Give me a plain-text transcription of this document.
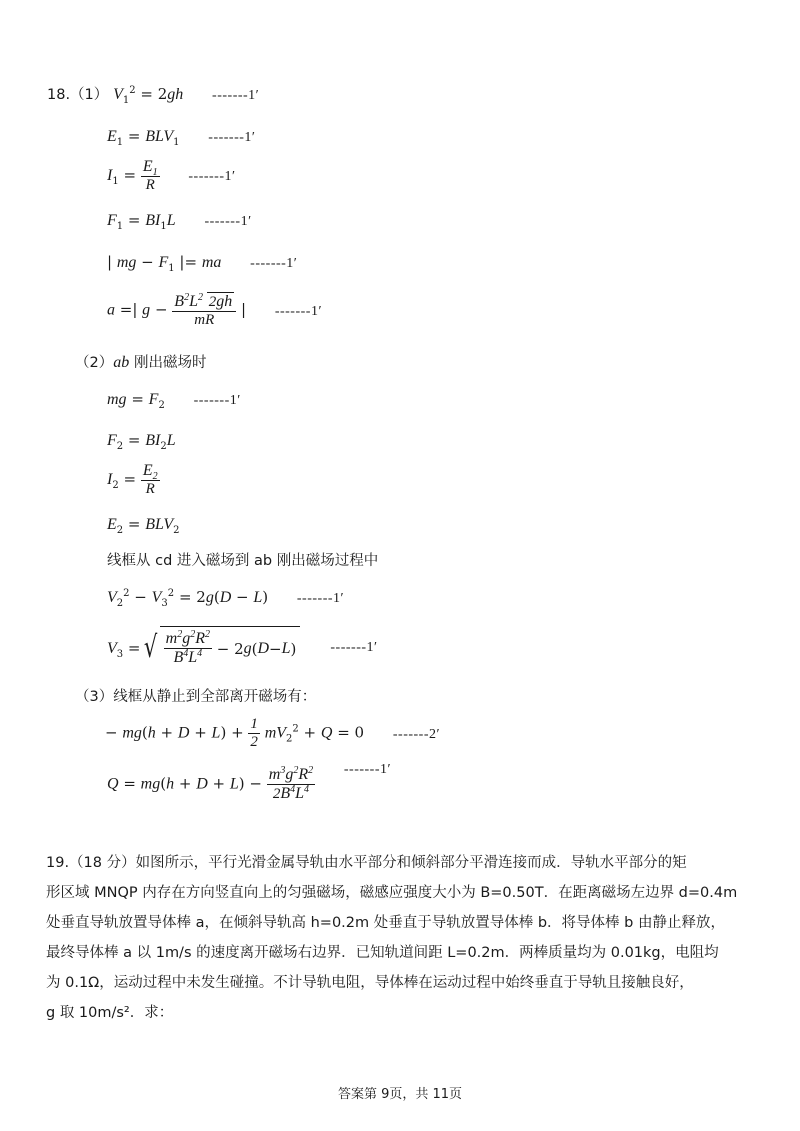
18.（1） $V_1^2 = 2gh$ -------1′
$E_1 = BLV_1$ -------1′
$I_1 = \frac{E_1}{R} -------1'$
$F_1 = BI_1L$ -------1′
| mg − $F_1$ |= ma -------1′
a =| $g - \frac{B^2L^2 2gh}{mR}$ | -------1′
（2）ab 刚出磁场时
mg = $F_2$ -------1′
$F_2 = BI_2L$
$I_2 = \frac{E_2}{R}$
$E_2 = BLV_2$
线框从 cd 进入磁场到 ab 刚出磁场过程中
$V_2^2 - V_3^2 = 2g(D - L)$ -------1′
$V_3$ = √ $\frac{m^2g^2R^2}{B^4L^4} - 2$ g ( D − L ) -------1′
（3）线框从静止到全部离开磁场有：
− $mg(h + D + L) + \frac{1}{2} mV_2^2 + Q = 0$ -------2′
$Q = mg(h + D + L) - \frac{m^3g^2R^2}{2B^4L^4} -------1'$
19.（18 分）如图所示，平行光滑金属导轨由水平部分和倾斜部分平滑连接而成．导轨水平部分的矩
形区域 MNQP 内存在方向竖直向上的匀强磁场，磁感应强度大小为 B=0.50T．在距离磁场左边界 d=0.4m
处垂直导轨放置导体棒 a，在倾斜导轨高 h=0.2m 处垂直于导轨放置导体棒 b．将导体棒 b 由静止释放，
最终导体棒 a 以 1m/s 的速度离开磁场右边界．已知轨道间距 L=0.2m．两棒质量均为 0.01kg，电阻均
为 0.1Ω，运动过程中未发生碰撞。不计导轨电阻，导体棒在运动过程中始终垂直于导轨且接触良好，
g 取 10m/s²．求：
答案第 9页，共 11页
